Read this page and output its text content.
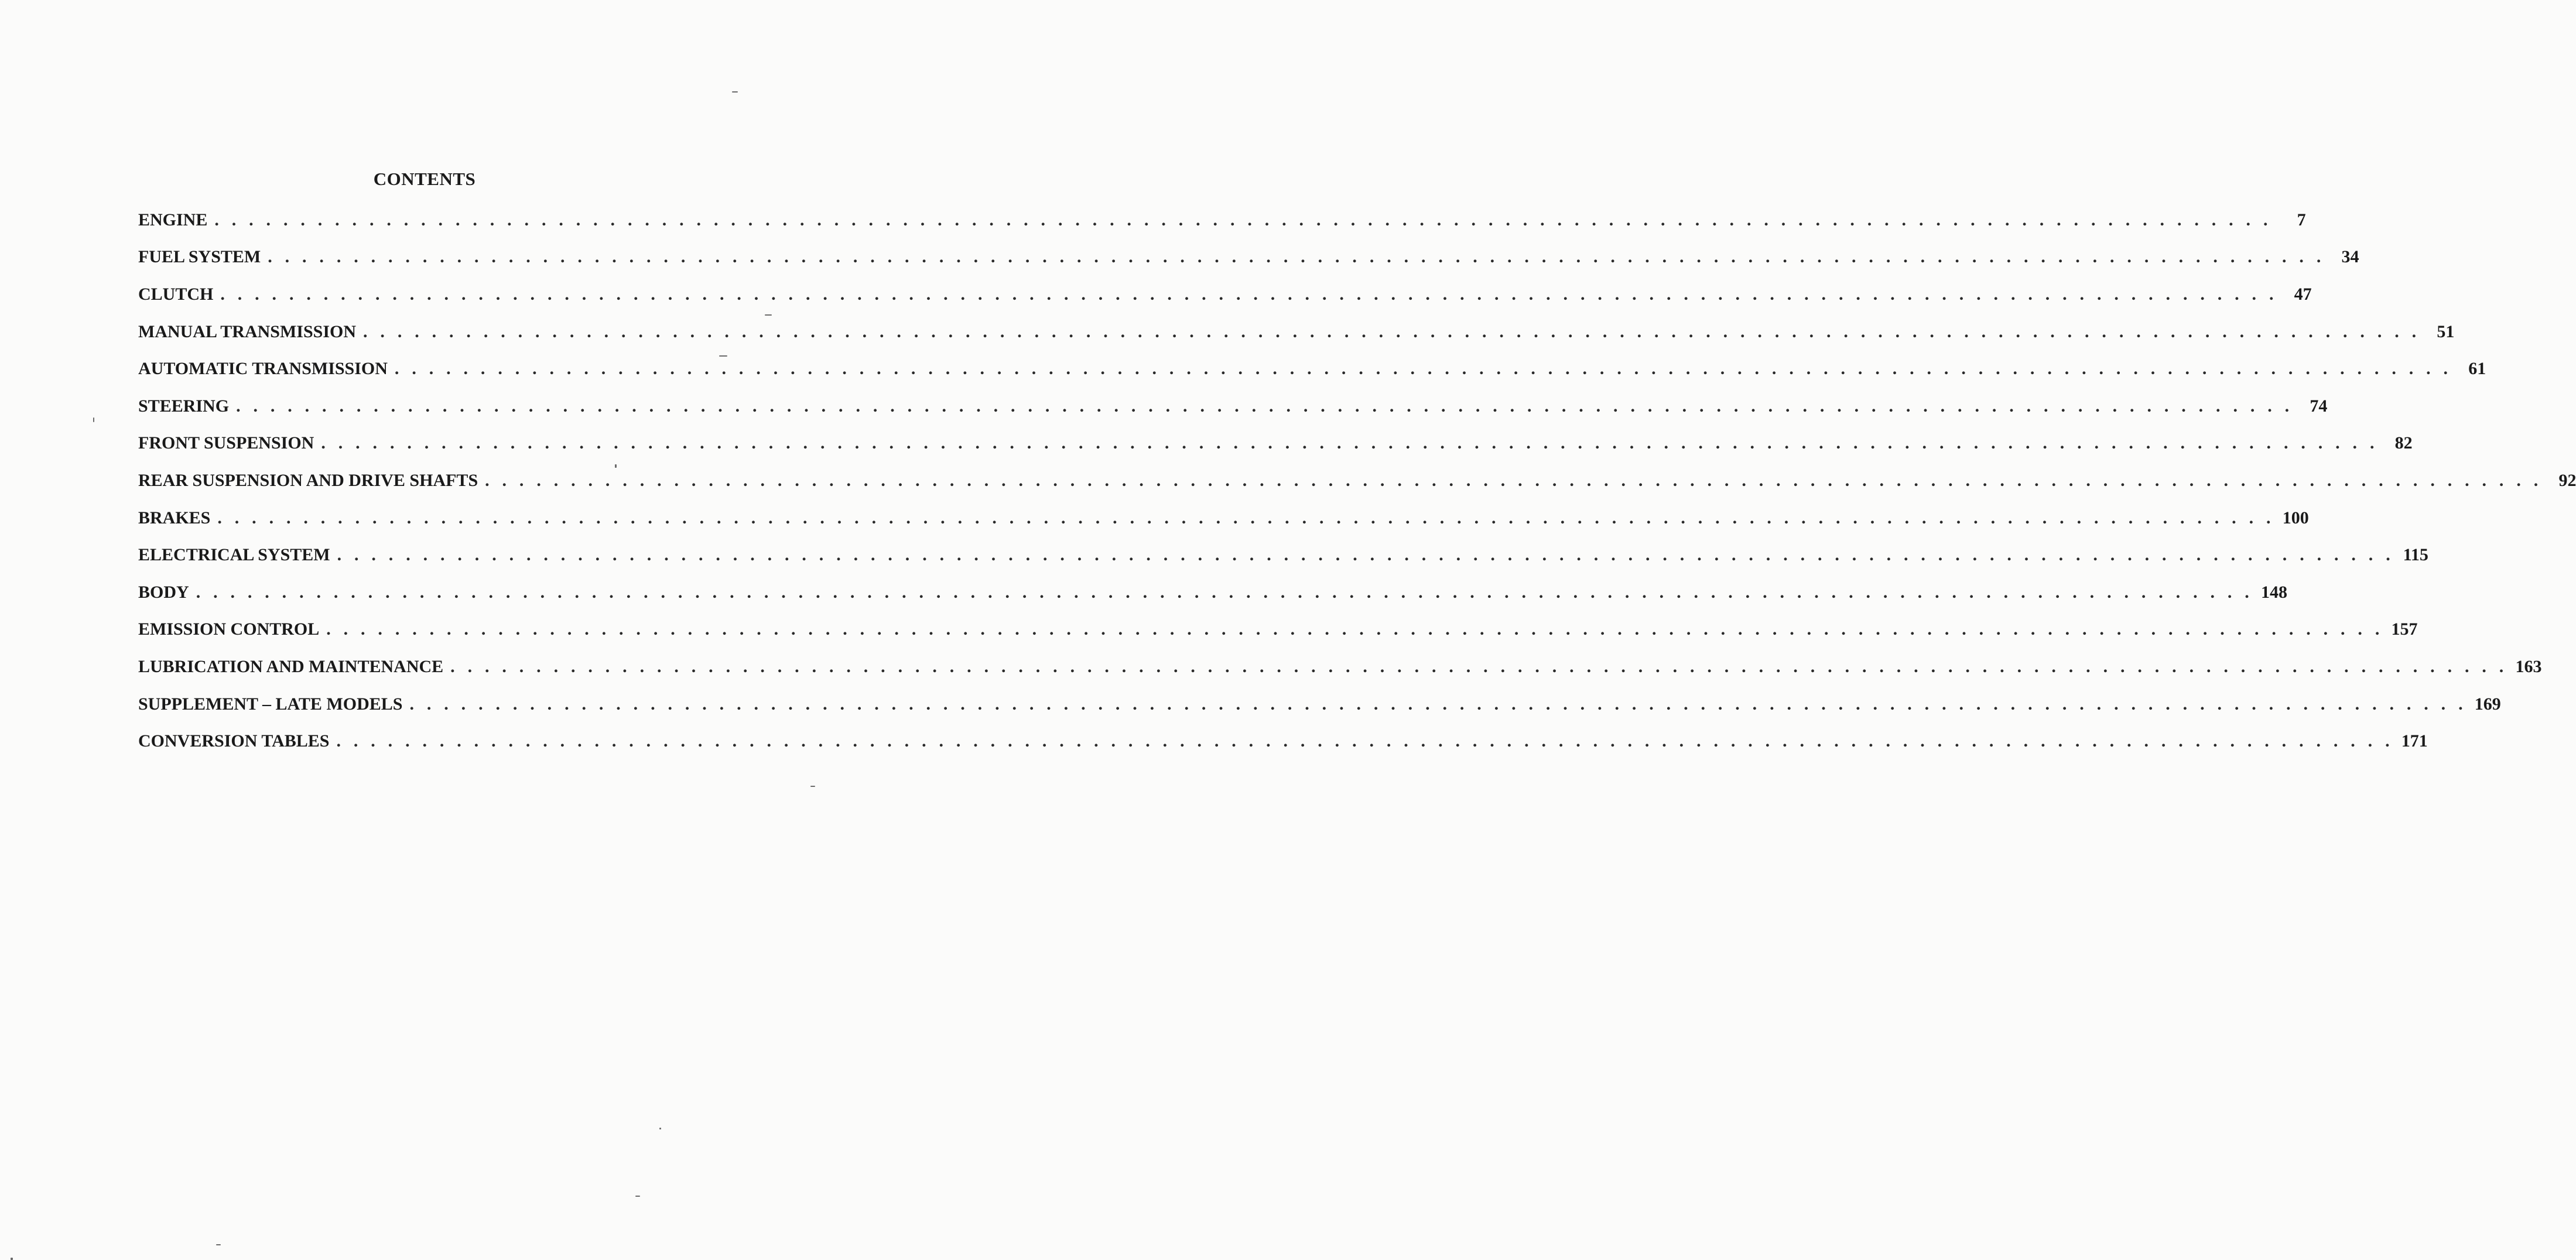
CONTENTS
ENGINE . . . . . . . . . . . . . . . . . . . . . . . . . . . . . . . . . . . . . . . . . . . . . . . . . . . . . . . . . . . . . . . . . . . . . . . . . . . . . . . . . . . . . . . . . . . . . . . . . . . . . . . . . . . . . . . . . . . . . . . .	7
FUEL SYSTEM . . . . . . . . . . . . . . . . . . . . . . . . . . . . . . . . . . . . . . . . . . . . . . . . . . . . . . . . . . . . . . . . . . . . . . . . . . . . . . . . . . . . . . . . . . . . . . . . . . . . . . . . . . . . . . . . . . . . . . . . 34
CLUTCH . . . . . . . . . . . . . . . . . . . . . . . . . . . . . . . . . . . . . . . . . . . . . . . . . . . . . . . . . . . . . . . . . . . . . . . . . . . . . . . . . . . . . . . . . . . . . . . . . . . . . . . . . . . . . . . . . . . . . . . . 47
MANUAL TRANSMISSION . . . . . . . . . . . . . . . . . . . . . . . . . . . . . . . . . . . . . . . . . . . . . . . . . . . . . . . . . . . . . . . . . . . . . . . . . . . . . . . . . . . . . . . . . . . . . . . . . . . . . . . . . . . . . . . . . . . . . . . . 51
AUTOMATIC TRANSMISSION . . . . . . . . . . . . . . . . . . . . . . . . . . . . . . . . . . . . . . . . . . . . . . . . . . . . . . . . . . . . . . . . . . . . . . . . . . . . . . . . . . . . . . . . . . . . . . . . . . . . . . . . . . . . . . . . . . . . . . . . 61
STEERING . . . . . . . . . . . . . . . . . . . . . . . . . . . . . . . . . . . . . . . . . . . . . . . . . . . . . . . . . . . . . . . . . . . . . . . . . . . . . . . . . . . . . . . . . . . . . . . . . . . . . . . . . . . . . . . . . . . . . . . . 74
FRONT SUSPENSION . . . . . . . . . . . . . . . . . . . . . . . . . . . . . . . . . . . . . . . . . . . . . . . . . . . . . . . . . . . . . . . . . . . . . . . . . . . . . . . . . . . . . . . . . . . . . . . . . . . . . . . . . . . . . . . . . . . . . . . . 82
REAR SUSPENSION AND DRIVE SHAFTS . . . . . . . . . . . . . . . . . . . . . . . . . . . . . . . . . . . . . . . . . . . . . . . . . . . . . . . . . . . . . . . . . . . . . . . . . . . . . . . . . . . . . . . . . . . . . . . . . . . . . . . . . . . . . . . . . . . . . . . . 92
BRAKES . . . . . . . . . . . . . . . . . . . . . . . . . . . . . . . . . . . . . . . . . . . . . . . . . . . . . . . . . . . . . . . . . . . . . . . . . . . . . . . . . . . . . . . . . . . . . . . . . . . . . . . . . . . . . . . . . . . . . . . . 100
ELECTRICAL SYSTEM . . . . . . . . . . . . . . . . . . . . . . . . . . . . . . . . . . . . . . . . . . . . . . . . . . . . . . . . . . . . . . . . . . . . . . . . . . . . . . . . . . . . . . . . . . . . . . . . . . . . . . . . . . . . . . . . . . . . . . . . 115
BODY . . . . . . . . . . . . . . . . . . . . . . . . . . . . . . . . . . . . . . . . . . . . . . . . . . . . . . . . . . . . . . . . . . . . . . . . . . . . . . . . . . . . . . . . . . . . . . . . . . . . . . . . . . . . . . . . . . . . . . . . 148
EMISSION CONTROL . . . . . . . . . . . . . . . . . . . . . . . . . . . . . . . . . . . . . . . . . . . . . . . . . . . . . . . . . . . . . . . . . . . . . . . . . . . . . . . . . . . . . . . . . . . . . . . . . . . . . . . . . . . . . . . . . . . . . . . . 157
LUBRICATION AND MAINTENANCE . . . . . . . . . . . . . . . . . . . . . . . . . . . . . . . . . . . . . . . . . . . . . . . . . . . . . . . . . . . . . . . . . . . . . . . . . . . . . . . . . . . . . . . . . . . . . . . . . . . . . . . . . . . . . . . . . . . . . . . . 163
SUPPLEMENT – LATE MODELS . . . . . . . . . . . . . . . . . . . . . . . . . . . . . . . . . . . . . . . . . . . . . . . . . . . . . . . . . . . . . . . . . . . . . . . . . . . . . . . . . . . . . . . . . . . . . . . . . . . . . . . . . . . . . . . . . . . . . . . . 169
CONVERSION TABLES . . . . . . . . . . . . . . . . . . . . . . . . . . . . . . . . . . . . . . . . . . . . . . . . . . . . . . . . . . . . . . . . . . . . . . . . . . . . . . . . . . . . . . . . . . . . . . . . . . . . . . . . . . . . . . . . . . . . . . . . 171
